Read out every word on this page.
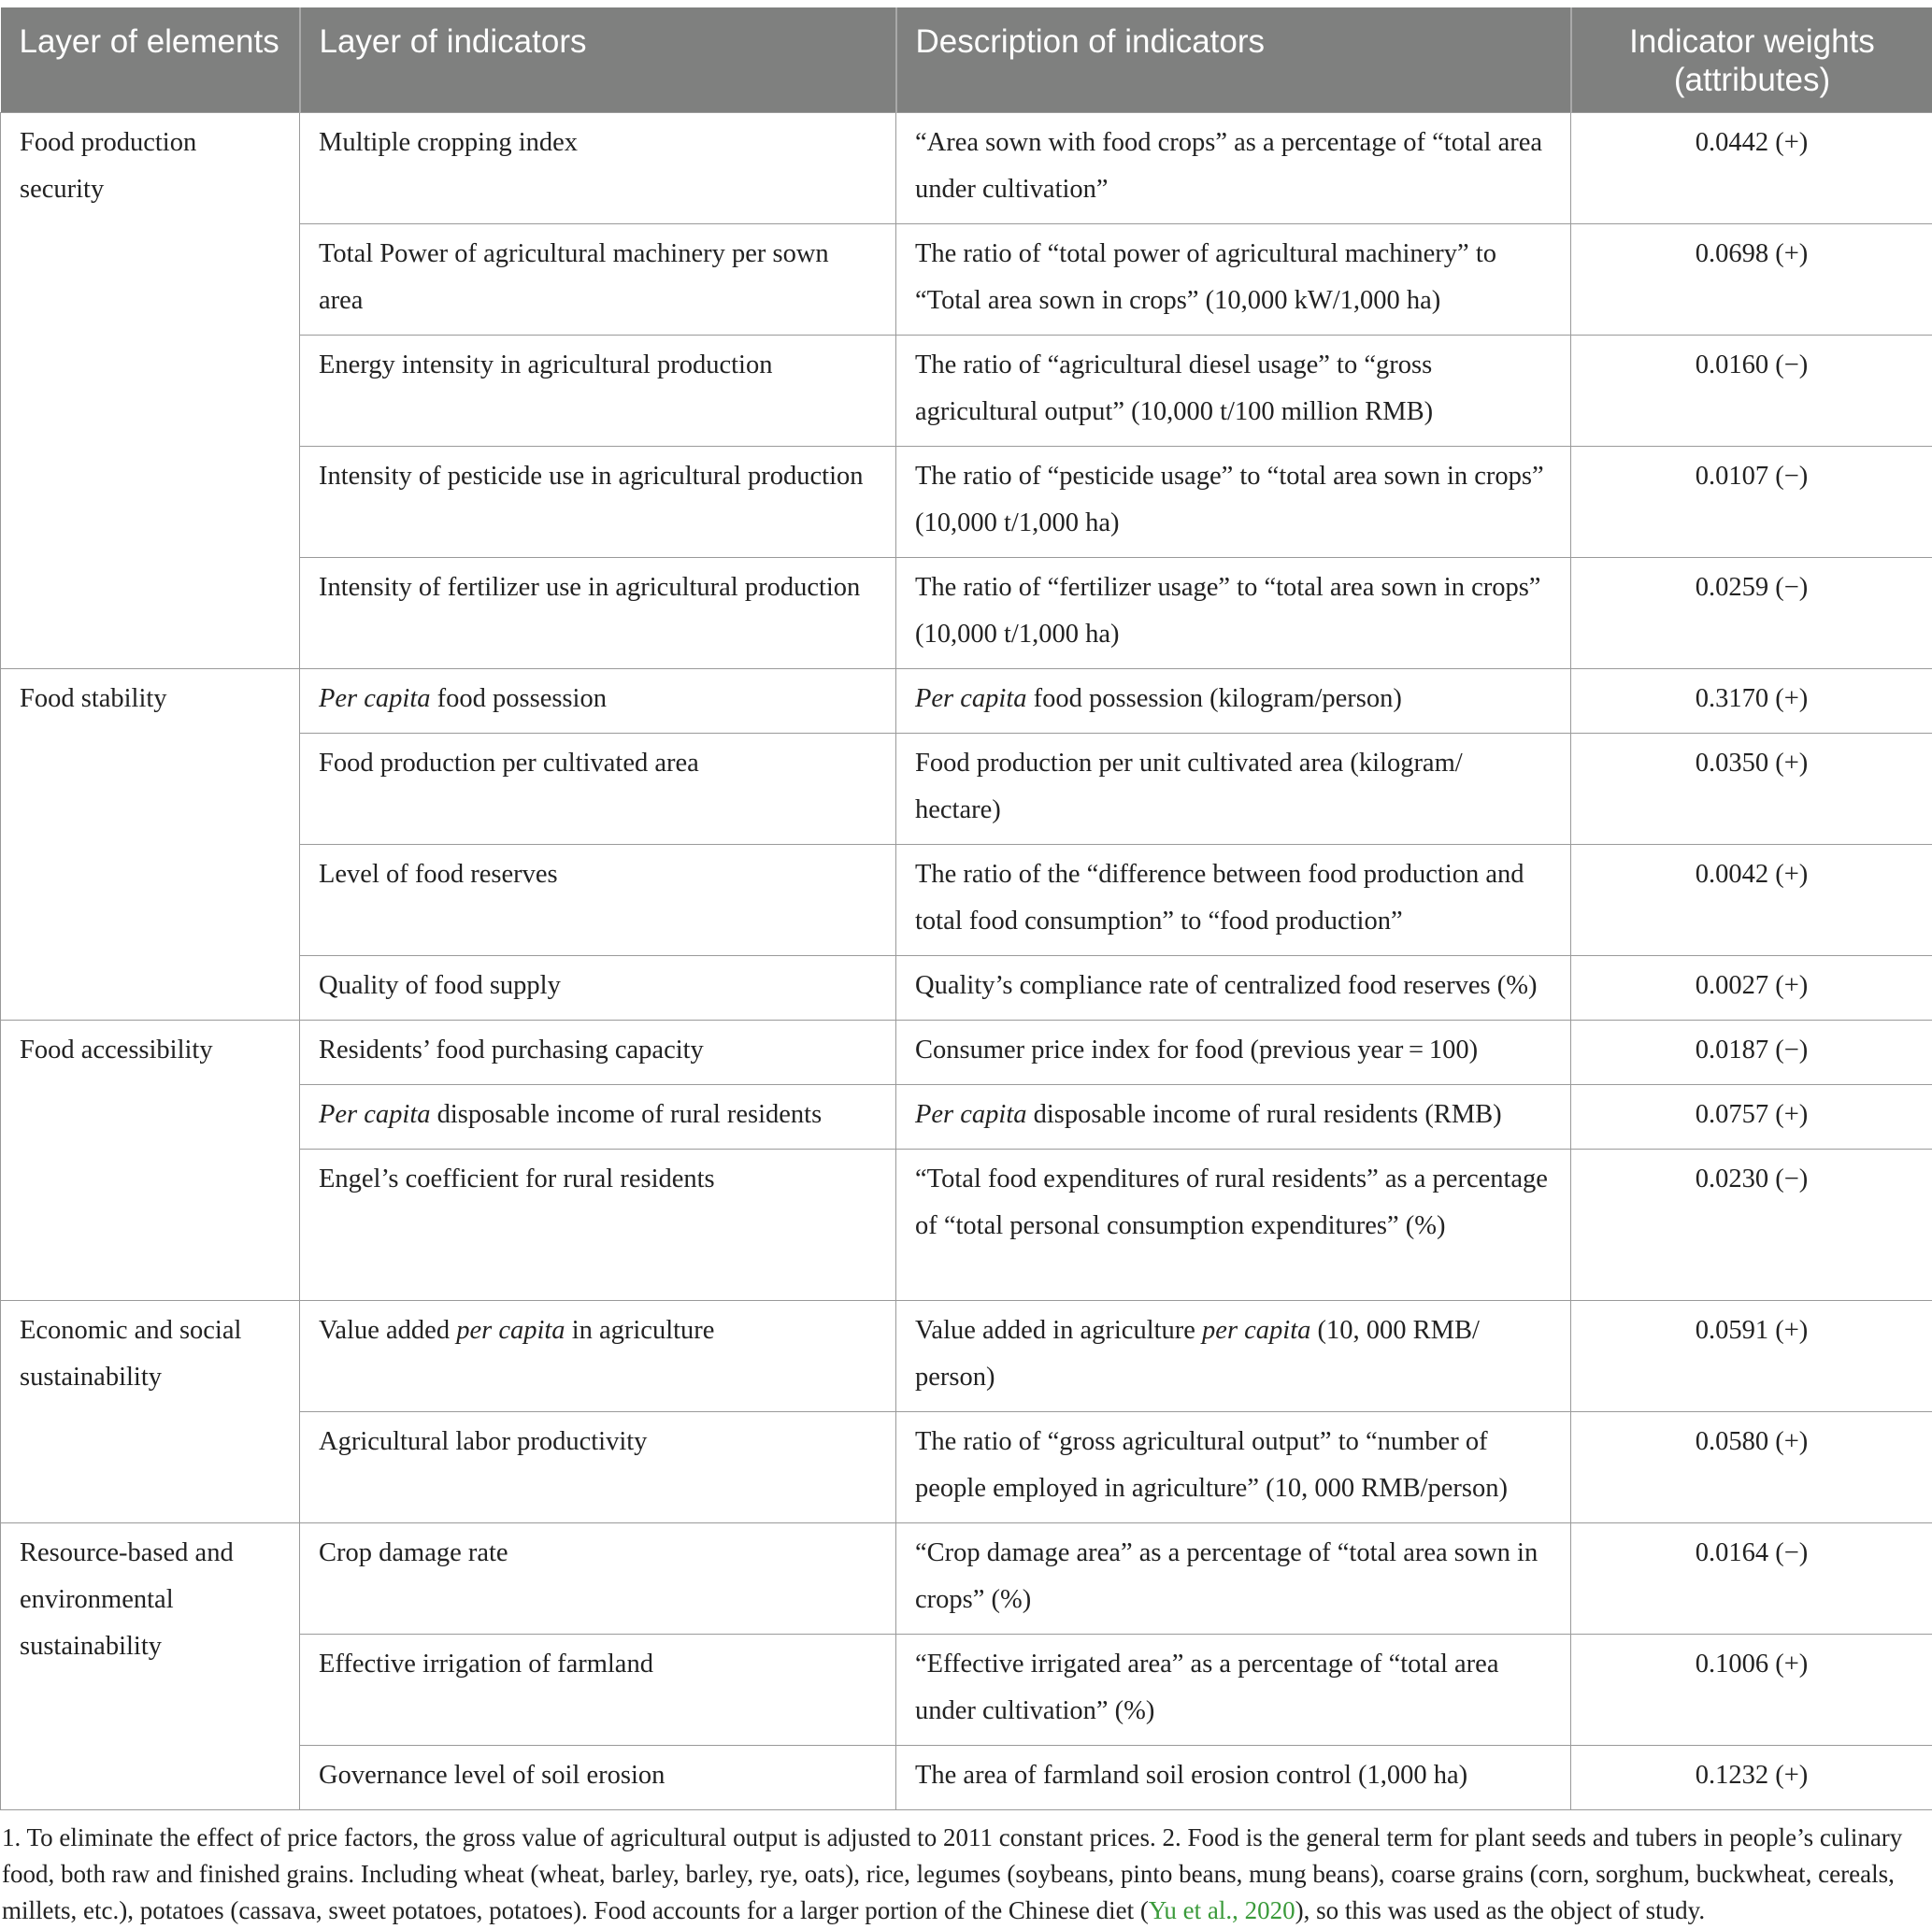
Layer of elements	Layer of indicators	Description of indicators	Indicator weights (attributes)
Food production security	Multiple cropping index	“Area sown with food crops” as a percentage of “total area under cultivation”	0.0442 (+)
	Total Power of agricultural machinery per sown area	The ratio of “total power of agricultural machinery” to “Total area sown in crops” (10,000 kW/1,000 ha)	0.0698 (+)
	Energy intensity in agricultural production	The ratio of “agricultural diesel usage” to “gross agricultural output” (10,000 t/100 million RMB)	0.0160 (−)
	Intensity of pesticide use in agricultural production	The ratio of “pesticide usage” to “total area sown in crops” (10,000 t/1,000 ha)	0.0107 (−)
	Intensity of fertilizer use in agricultural production	The ratio of “fertilizer usage” to “total area sown in crops” (10,000 t/1,000 ha)	0.0259 (−)
Food stability	Per capita food possession	Per capita food possession (kilogram/person)	0.3170 (+)
	Food production per cultivated area	Food production per unit cultivated area (kilogram/ hectare)	0.0350 (+)
	Level of food reserves	The ratio of the “difference between food production and total food consumption” to “food production”	0.0042 (+)
	Quality of food supply	Quality’s compliance rate of centralized food reserves (%)	0.0027 (+)
Food accessibility	Residents’ food purchasing capacity	Consumer price index for food (previous year = 100)	0.0187 (−)
	Per capita disposable income of rural residents	Per capita disposable income of rural residents (RMB)	0.0757 (+)
	Engel’s coefficient for rural residents	“Total food expenditures of rural residents” as a percentage of “total personal consumption expenditures” (%)	0.0230 (−)
Economic and social sustainability	Value added per capita in agriculture	Value added in agriculture per capita (10, 000 RMB/ person)	0.0591 (+)
	Agricultural labor productivity	The ratio of “gross agricultural output” to “number of people employed in agriculture” (10, 000 RMB/person)	0.0580 (+)
Resource-based and environmental sustainability	Crop damage rate	“Crop damage area” as a percentage of “total area sown in crops” (%)	0.0164 (−)
	Effective irrigation of farmland	“Effective irrigated area” as a percentage of “total area under cultivation” (%)	0.1006 (+)
	Governance level of soil erosion	The area of farmland soil erosion control (1,000 ha)	0.1232 (+)
1. To eliminate the effect of price factors, the gross value of agricultural output is adjusted to 2011 constant prices. 2. Food is the general term for plant seeds and tubers in people’s culinary food, both raw and finished grains. Including wheat (wheat, barley, barley, rye, oats), rice, legumes (soybeans, pinto beans, mung beans), coarse grains (corn, sorghum, buckwheat, cereals, millets, etc.), potatoes (cassava, sweet potatoes, potatoes). Food accounts for a larger portion of the Chinese diet (Yu et al., 2020), so this was used as the object of study.
